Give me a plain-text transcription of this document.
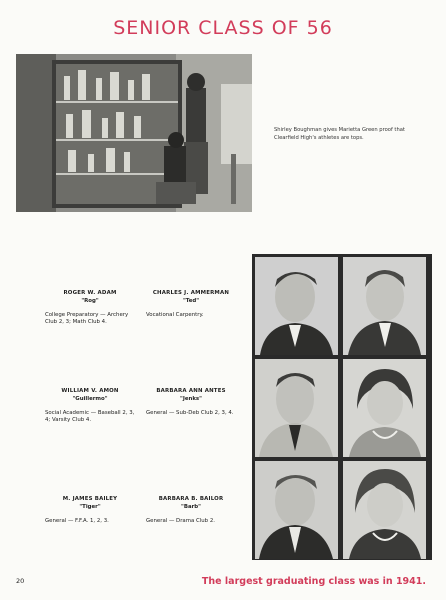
SENIOR CLASS OF 56
Shirley Boughman gives Marietta Green proof that Clearfield High's athletes are tops.
ROGER W. ADAM
"Rog"
College Preparatory — Archery Club 2, 3; Math Club 4.
CHARLES J. AMMERMAN
"Ted"
Vocational Carpentry.
WILLIAM V. AMON
"Guillermo"
Social Academic — Baseball 2, 3, 4; Varsity Club 4.
BARBARA ANN ANTES
"Jenks"
General — Sub-Deb Club 2, 3, 4.
M. JAMES BAILEY
"Tiger"
General — F.F.A. 1, 2, 3.
BARBARA B. BAILOR
"Barb"
General — Drama Club 2.
20	The largest graduating class was in 1941.
